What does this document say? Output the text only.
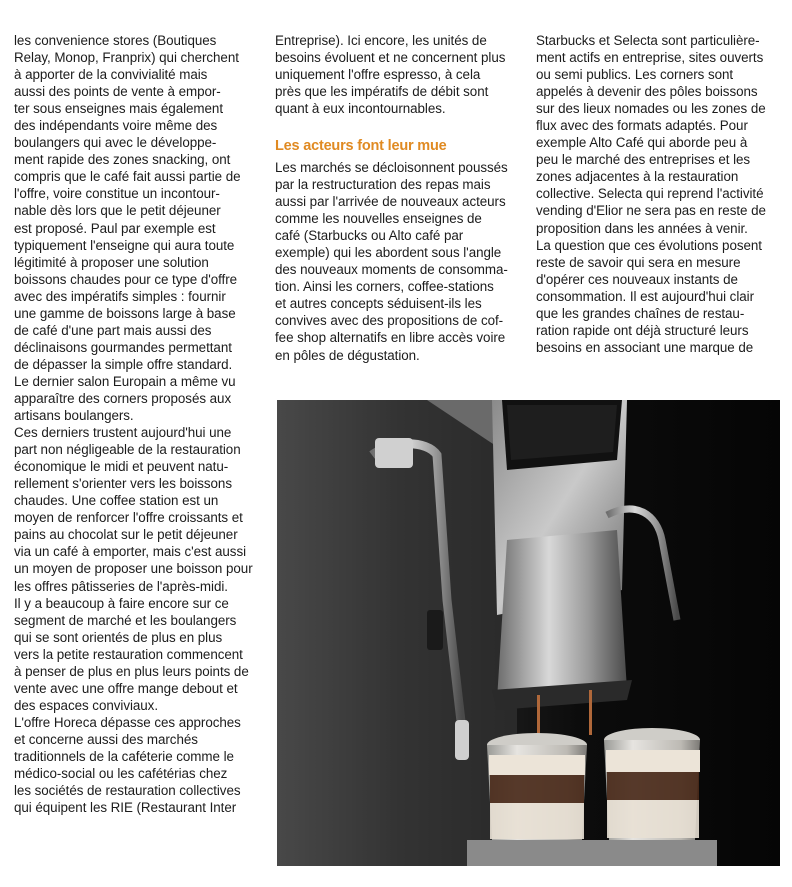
les convenience stores (Boutiques
Relay, Monop, Franprix) qui cherchent
à apporter de la convivialité mais
aussi des points de vente à empor-
ter sous enseignes mais également
des indépendants voire même des
boulangers qui avec le développe-
ment rapide des zones snacking, ont
compris que le café fait aussi partie de
l'offre, voire constitue un incontour-
nable dès lors que le petit déjeuner
est proposé. Paul par exemple est
typiquement l'enseigne qui aura toute
légitimité à proposer une solution
boissons chaudes pour ce type d'offre
avec des impératifs simples : fournir
une gamme de boissons large à base
de café d'une part mais aussi des
déclinaisons gourmandes permettant
de dépasser la simple offre standard.
Le dernier salon Europain a même vu
apparaître des corners proposés aux
artisans boulangers.
Ces derniers trustent aujourd'hui une
part non négligeable de la restauration
économique le midi et peuvent natu-
rellement s'orienter vers les boissons
chaudes. Une coffee station est un
moyen de renforcer l'offre croissants et
pains au chocolat sur le petit déjeuner
via un café à emporter, mais c'est aussi
un moyen de proposer une boisson pour
les offres pâtisseries de l'après-midi.
Il y a beaucoup à faire encore sur ce
segment de marché et les boulangers
qui se sont orientés de plus en plus
vers la petite restauration commencent
à penser de plus en plus leurs points de
vente avec une offre mange debout et
des espaces conviviaux.
L'offre Horeca dépasse ces approches
et concerne aussi des marchés
traditionnels de la caféterie comme le
médico-social ou les cafétérias chez
les sociétés de restauration collectives
qui équipent les RIE (Restaurant Inter
Entreprise). Ici encore, les unités de
besoins évoluent et ne concernent plus
uniquement l'offre espresso, à cela
près que les impératifs de débit sont
quant à eux incontournables.
Les acteurs font leur mue
Les marchés se décloisonnent poussés
par la restructuration des repas mais
aussi par l'arrivée de nouveaux acteurs
comme les nouvelles enseignes de
café (Starbucks ou Alto café par
exemple) qui les abordent sous l'angle
des nouveaux moments de consomma-
tion. Ainsi les corners, coffee-stations
et autres concepts séduisent-ils les
convives avec des propositions de cof-
fee shop alternatifs en libre accès voire
en pôles de dégustation.
Starbucks et Selecta sont particulière-
ment actifs en entreprise, sites ouverts
ou semi publics. Les corners sont
appelés à devenir des pôles boissons
sur des lieux nomades ou les zones de
flux avec des formats adaptés. Pour
exemple Alto Café qui aborde peu à
peu le marché des entreprises et les
zones adjacentes à la restauration
collective. Selecta qui reprend l'activité
vending d'Elior ne sera pas en reste de
proposition dans les années à venir.
La question que ces évolutions posent
reste de savoir qui sera en mesure
d'opérer ces nouveaux instants de
consommation. Il est aujourd'hui clair
que les grandes chaînes de restau-
ration rapide ont déjà structuré leurs
besoins en associant une marque de
